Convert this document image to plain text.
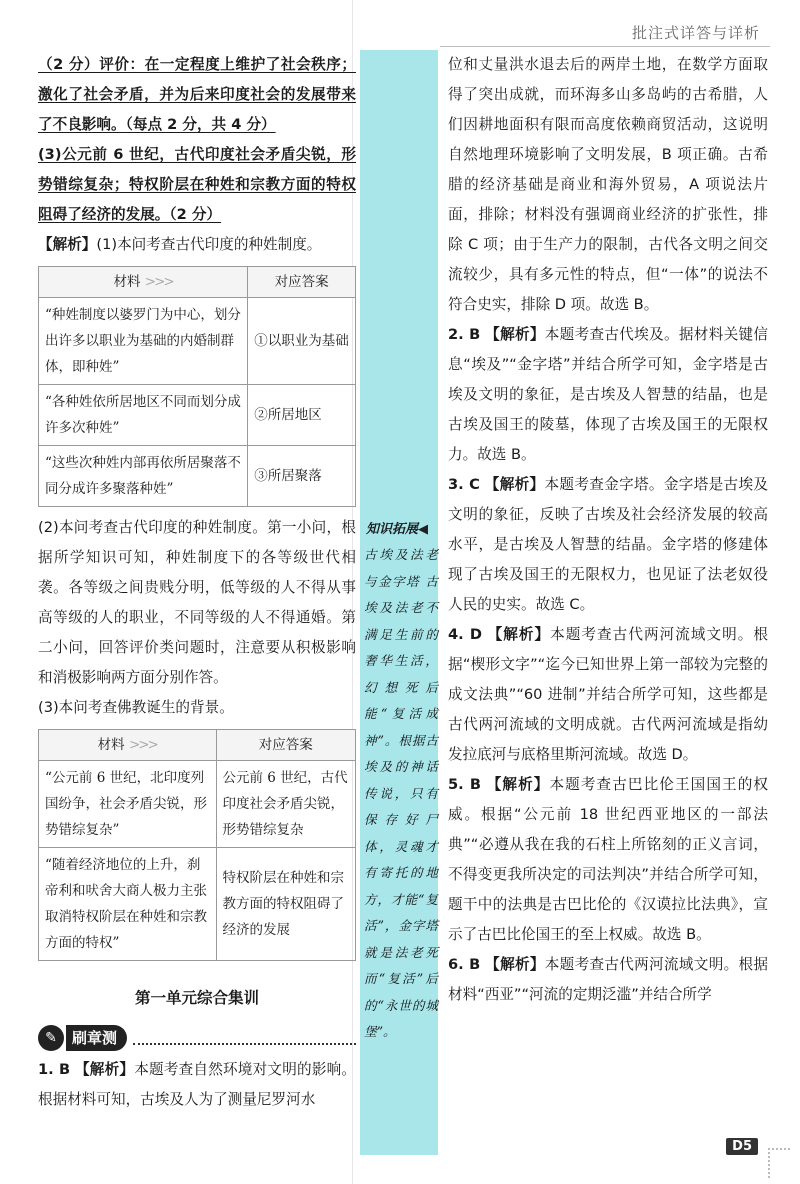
批注式详答与详析

（2 分）评价：在一定程度上维护了社会秩序；激化了社会矛盾，并为后来印度社会的发展带来了不良影响。（每点 2 分，共 4 分）

(3)公元前 6 世纪，古代印度社会矛盾尖锐，形势错综复杂；特权阶层在种姓和宗教方面的特权阻碍了经济的发展。（2 分）

【解析】(1)本问考查古代印度的种姓制度。

材料 >>>	对应答案
“种姓制度以婆罗门为中心，划分出许多以职业为基础的内婚制群体，即种姓”	①以职业为基础
“各种姓依所居地区不同而划分成许多次种姓”	②所居地区
“这些次种姓内部再依所居聚落不同分成许多聚落种姓”	③所居聚落

(2)本问考查古代印度的种姓制度。第一小问，根据所学知识可知，种姓制度下的各等级世代相袭。各等级之间贵贱分明，低等级的人不得从事高等级的人的职业，不同等级的人不得通婚。第二小问，回答评价类问题时，注意要从积极影响和消极影响两方面分别作答。

(3)本问考查佛教诞生的背景。

材料 >>>	对应答案
“公元前 6 世纪，北印度列国纷争，社会矛盾尖锐，形势错综复杂”	公元前 6 世纪，古代印度社会矛盾尖锐，形势错综复杂
“随着经济地位的上升，刹帝利和吠舍大商人极力主张取消特权阶层在种姓和宗教方面的特权”	特权阶层在种姓和宗教方面的特权阻碍了经济的发展
第一单元综合集训
✎	刷章测

1. B 【解析】本题考查自然环境对文明的影响。根据材料可知，古埃及人为了测量尼罗河水

知识拓展◀
古埃及法老与金字塔 古埃及法老不满足生前的奢华生活，幻想死后能“复活成神”。根据古埃及的神话传说，只有保存好尸体，灵魂才有寄托的地方，才能“复活”，金字塔就是法老死而“复活”后的“永世的城堡”。

位和丈量洪水退去后的两岸土地，在数学方面取得了突出成就，而环海多山多岛屿的古希腊，人们因耕地面积有限而高度依赖商贸活动，这说明自然地理环境影响了文明发展，B 项正确。古希腊的经济基础是商业和海外贸易，A 项说法片面，排除；材料没有强调商业经济的扩张性，排除 C 项；由于生产力的限制，古代各文明之间交流较少，具有多元性的特点，但“一体”的说法不符合史实，排除 D 项。故选 B。

2. B 【解析】本题考查古代埃及。据材料关键信息“埃及”“金字塔”并结合所学可知，金字塔是古埃及文明的象征，是古埃及人智慧的结晶，也是古埃及国王的陵墓，体现了古埃及国王的无限权力。故选 B。

3. C 【解析】本题考查金字塔。金字塔是古埃及文明的象征，反映了古埃及社会经济发展的较高水平，是古埃及人智慧的结晶。金字塔的修建体现了古埃及国王的无限权力，也见证了法老奴役人民的史实。故选 C。

4. D 【解析】本题考查古代两河流域文明。根据“楔形文字”“迄今已知世界上第一部较为完整的成文法典”“60 进制”并结合所学可知，这些都是古代两河流域的文明成就。古代两河流域是指幼发拉底河与底格里斯河流域。故选 D。

5. B 【解析】本题考查古巴比伦王国国王的权威。根据“公元前 18 世纪西亚地区的一部法典”“必遵从我在我的石柱上所铭刻的正义言词，不得变更我所决定的司法判决”并结合所学可知，题干中的法典是古巴比伦的《汉谟拉比法典》，宣示了古巴比伦国王的至上权威。故选 B。

6. B 【解析】本题考查古代两河流域文明。根据材料“西亚”“河流的定期泛滥”并结合所学

D5
